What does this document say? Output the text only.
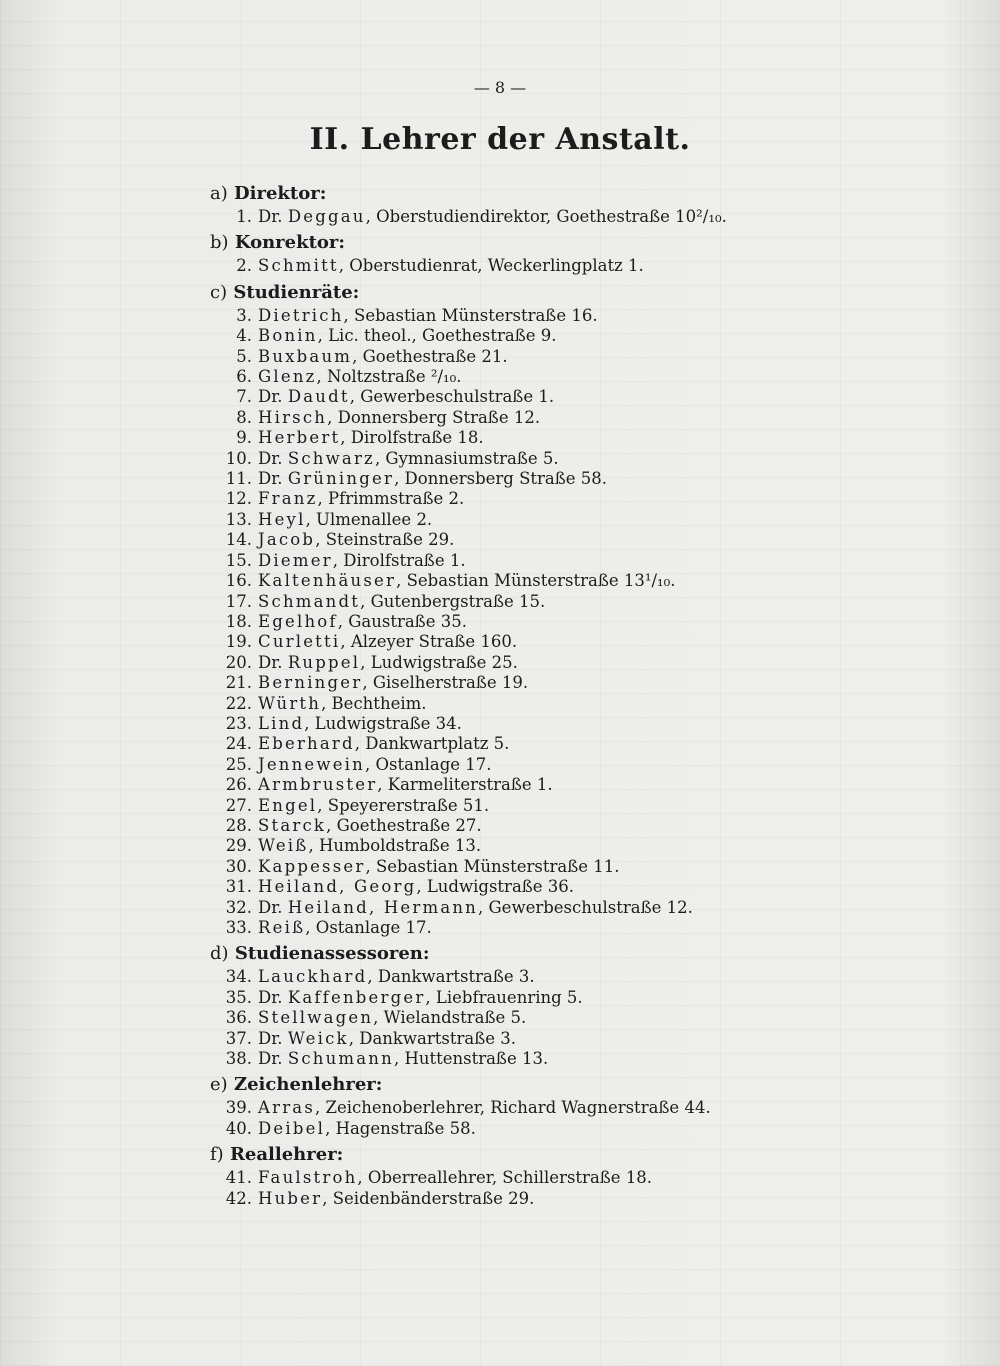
— 8 —
II. Lehrer der Anstalt.
a) Direktor:
1. Dr. Deggau, Oberstudiendirektor, Goethestraße 10²/₁₀.
b) Konrektor:
2. Schmitt, Oberstudienrat, Weckerlingplatz 1.
c) Studienräte:
3. Dietrich, Sebastian Münsterstraße 16.
4. Bonin, Lic. theol., Goethestraße 9.
5. Buxbaum, Goethestraße 21.
6. Glenz, Noltzstraße ²/₁₀.
7. Dr. Daudt, Gewerbeschulstraße 1.
8. Hirsch, Donnersberg Straße 12.
9. Herbert, Dirolfstraße 18.
10. Dr. Schwarz, Gymnasiumstraße 5.
11. Dr. Grüninger, Donnersberg Straße 58.
12. Franz, Pfrimmstraße 2.
13. Heyl, Ulmenallee 2.
14. Jacob, Steinstraße 29.
15. Diemer, Dirolfstraße 1.
16. Kaltenhäuser, Sebastian Münsterstraße 13¹/₁₀.
17. Schmandt, Gutenbergstraße 15.
18. Egelhof, Gaustraße 35.
19. Curletti, Alzeyer Straße 160.
20. Dr. Ruppel, Ludwigstraße 25.
21. Berninger, Giselherstraße 19.
22. Würth, Bechtheim.
23. Lind, Ludwigstraße 34.
24. Eberhard, Dankwartplatz 5.
25. Jennewein, Ostanlage 17.
26. Armbruster, Karmeliterstraße 1.
27. Engel, Speyererstraße 51.
28. Starck, Goethestraße 27.
29. Weiß, Humboldstraße 13.
30. Kappesser, Sebastian Münsterstraße 11.
31. Heiland, Georg, Ludwigstraße 36.
32. Dr. Heiland, Hermann, Gewerbeschulstraße 12.
33. Reiß, Ostanlage 17.
d) Studienassessoren:
34. Lauckhard, Dankwartstraße 3.
35. Dr. Kaffenberger, Liebfrauenring 5.
36. Stellwagen, Wielandstraße 5.
37. Dr. Weick, Dankwartstraße 3.
38. Dr. Schumann, Huttenstraße 13.
e) Zeichenlehrer:
39. Arras, Zeichenoberlehrer, Richard Wagnerstraße 44.
40. Deibel, Hagenstraße 58.
f) Reallehrer:
41. Faulstroh, Oberreallehrer, Schillerstraße 18.
42. Huber, Seidenbänderstraße 29.
